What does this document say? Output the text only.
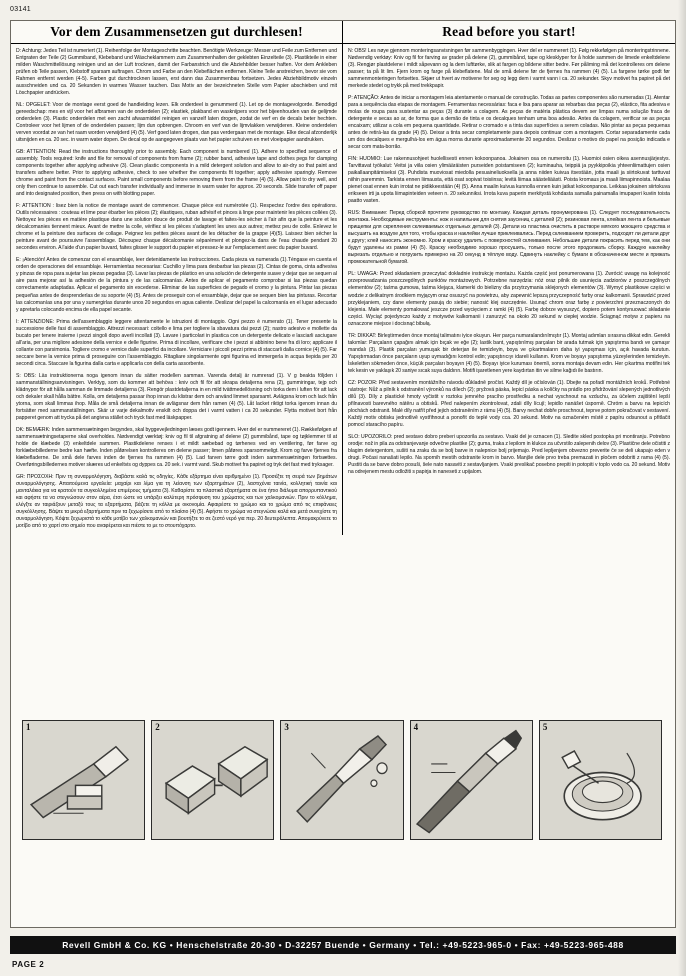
03141
Vor dem Zusammensetzen gut durchlesen!	Read before you start!

D: Achtung: Jedes Teil ist numeriert (1). Reihenfolge der Montageschritte beachten. Benötigte Werkzeuge: Messer und Feile zum Entfernen und Entgraten der Teile (2) Gummiband, Klebeband und Wäscheklammern zum Zusammenhalten der geklebten Einzelteile (3). Plastikteile in einer milden Waschmittellösung reinigen und an der Luft trocknen, damit der Farbanstrich und die Abziehbilder besser haften. Vor dem Ankleben prüfen ob Teile passen, Klebstoff sparsam auftragen. Chrom und Farbe an den Klebeflächen entfernen. Kleine Teile anstreichen, bevor sie vom Rahmen entfernt werden (4-5). Farben gut durchtrocknen lassen, erst dann das Zusammenbau fortsetzen. Jedes Abziehbildmotiv einzeln ausschneiden und ca. 20 Sekunden in warmes Wasser tauchen. Das Motiv an der bezeichneten Stelle vom Papier abschieben und mit Löschpapier andrücken.

NL: OPGELET: Voor de montage eerst goed de handleiding lezen. Elk onderdeel is genummerd (1). Let op de montagevolgorde. Benodigd gereedschap: mes en vijl voor het afbramen van de onderdelen (2); elastiek, plakband en wasknijpers voor het bijeenhouden van de gelijmde onderdelen (3). Plastic onderdelen met een zacht afwasmiddel reinigen en vanzelf laten drogen, zodat de verf en de decals beter hechten. Controleer voor het lijmen of de onderdelen passen; lijm dun opbrengen. Chroom en verf van de lijmvlakken verwijderen. Kleine onderdelen verven voordat ze van het raam worden verwijderd (4) (5). Verf goed laten drogen, dan pas verdergaan met de montage. Elke decal afzonderlijk uitsnijden en ca. 20 sec. in warm water dopen. De decal op de aangegeven plaats van het papier schuiven en met vloeipapier aandrukken.

GB: ATTENTION: Read the instructions thoroughly prior to assembly. Each component is numbered (1). Adhere to specified sequence of assembly. Tools required: knife and file for removal of components from frame (2); rubber band, adhesive tape and clothes pegs for clamping components together after applying adhesive (3). Clean plastic components in a mild detergent solution and allow to air-dry so that paint and transfers adhere better. Prior to applying adhesive, check to see whether the components fit together; apply adhesive sparingly. Remove chrome and paint from the contact surfaces. Paint small components before removing them from the frame (4) (5). Allow paint to dry well, and only then continue to assemble. Cut out each transfer individually and immerse in warm water for approx. 20 seconds. Slide transfer off paper and into designated position, then press on with blotting paper.

F: ATTENTION : lisez bien la notice de montage avant de commencer. Chaque pièce est numérotée (1). Respectez l'ordre des opérations. Outils nécessaires : couteau et lime pour ébarber les pièces (2); élastiques, ruban adhésif et pinces à linge pour maintenir les pièces collées (3). Nettoyez les pièces en matière plastique dans une solution douce de produit de lavage et faites-les sécher à l'air afin que la peinture et les décalcomanies tiennent mieux. Avant de mettre la colle, vérifiez si les pièces s'adaptent les unes aux autres; mettez peu de colle. Enlevez le chrome et la peinture des surfaces de collage. Peignez les petites pièces avant de les détacher de la grappe (4)(5). Laissez bien sécher la peinture avant de poursuivre l'assemblage. Découpez chaque décalcomanie séparément et plongez-la dans de l'eau chaude pendant 20 secondes environ. A l'aide d'un papier buvard, faites glisser le support du papier et pressez-le sur l'emplacement avec du papier buvard.

E: ¡Atención! Antes de comenzar con el ensamblaje, leer detenidamente las instrucciones. Cada pieza va numerada (1).Téngase en cuenta el orden de operaciones del ensamblaje. Herramientas necesarias: Cuchillo y lima para desbarbar las piezas (2). Cintas de goma, cinta adhesiva y pinzas de ropa para sujetar las piezas pegadas (3). Lavar las piezas de plástico en una solución de detergente suave y dejar que se sequen al aire para mejorar así la adhesión de la pintura y de las calcomanías. Antes de aplicar el pegamento comprobar si las piezas quedan correctamente adaptadas. Aplicar el pegamento sin excederse. Eliminar de las superficies de pegado el cromo y la pintura. Pintar las piezas pequeñas antes de desprenderlas de su soporte (4) (5). Antes de proseguir con el ensamblaje, dejar que se sequen bien las pinturas. Recortar las calcomanías una por una y sumergirlas durante unos 20 segundos en agua caliente. Deslizar del papel la calcomanía en el lugar adecuado y apretarla colocando encima de ella papel secante.

I: ATTENZIONE: Prima dell'assemblaggio leggere attentamente le istruzioni di montaggio. Ogni pezzo è numerato (1). Tener presente la successione delle fasi di assemblaggio. Attrezzi necessari: coltello e lima per togliere la sbavatura dai pezzi (2); nastro adesivo e mollette da bucato per tenere insieme i pezzi singoli dopo averli incollati (3). Lavare i particolari in plastica con un detergente delicato e lasciarli asciugare all'aria, per una migliore adesione della vernice e delle figurine. Prima di incollare, verificare che i pezzi si abbinino bene fra di loro; applicare il collante con parsimonia. Togliere cromo e vernice dalle superfici da incollare. Verniciare i piccoli pezzi prima di staccarli dalla cornice (4) (5). Far seccare bene la vernice prima di proseguire con l'assemblaggio. Ritagliare singolarmente ogni figurina ed immergerla in acqua tiepida per 20 secondi circa. Staccare la figurina dalla carta e applicarla con della carta assorbente.

S: OBS: Läs instruktionerna noga igenom innan du sätter modellen samman. Varenda detalj är numrerad (1). V g beakta följden i sammanställningsanvisningen. Verktyg, som du kommer att behöva : kniv och fil för att skrapa detaljerna rena (2), gummiringar, tejp och klädnypor för att hålla samman de limmade detaljerna (3). Rengör plastdetaljerna in en mild tvättmedellösning och torka dem i luften för att lack och dekaler skall hålla bättre. Kolla, om detaljerna passar ihop innan du klistrar dem och använd limmet sparsamt. Avlägsna krom och lack från ytorna, som skall limmas ihop. Måla de små detaljerna innan de avlägsnar dem från ramen (4) (5). Låt lacket riktigt torka igenom innan du fortsätter med sammanställningen. Skär ur varje dekalmotiv enskilt och doppa det i varmt vatten i ca 20 sekunder. Flytta motivet bort från papperet genom att trycka på det angivna stället och tryck fast med läskpapper.

DK: BEMÆRK: Inden sammensætningen begyndes, skal byggevejledningen læses godt igennem. Hver del er nummereret (1). Rækkefølgen af sammensætningsetaperne skal overholdes. Nødvendigt værktøj: kniv og fil til afgratning af delene (2) gummibånd, tape og tøjklemmer til at holde de klæbede (3) enkeltdele sammen. Plastikdelene renses i et mildt sæbebad og tørhenes ved en ventilering, før farve og forklæbebillederne bedre kan hæfte. Inden påførelsen kontrolleres om delene passer; limen påføres sparsommeligt. Krom og farve fjernes fra klæbefladerne. De små dele farves inden de fjernes fra rammen (4) (5). Lad farven tørre godt inden sammensætningen fortsættes. Overføringsbilledernes motiver skæres ud enkeltvis og dyppes ca. 20 sek. i varmt vand. Skub motivet fra papiret og tryk det fast med tryksager.

GR: ΠΡΟΣΟΧΗ: Πριν τη συναρμολόγηση, διαβάστε καλά τις οδηγίες. Κάθε εξάρτημα είναι αριθμημένο (1). Προσέξτε τη σειρά των βημάτων συναρμολόγησης. Απαιτούμενα εργαλεία: μαχαίρι και λίμα για τη λείανση των εξαρτημάτων (2), λαστιχένια ταινία, κολλητική ταινία και μανταλάκια για να κρατούν τα συγκολλημένα επιμέρους τμήματα (3). Καθαρίστε τα πλαστικά εξαρτήματα σε ένα ήπιο διάλυμα απορρυπαντικού και αφήστε τα να στεγνώσουν στον αέρα, έτσι ώστε να υπάρξει καλύτερη πρόσφυση του χρώματος και των χαλκομανιών. Πριν το κόλλημα, ελέγξτε αν ταιριάζουν μεταξύ τους τα εξαρτήματα, βάζετε τη κόλλα με οικονομία. Αφαιρέστε το χρώμιο και το χρώμα από τις επιφάνειες συγκόλλησης. Βάψτε τα μικρά εξαρτήματα πριν τα ξεχωρίσετε από το πλαίσιο (4) (5). Αφήστε το χρώμα να στεγνώσει καλά και μετά συνεχίστε τη συναρμολόγηση. Κόψτε ξεχωριστά το κάθε μοτίβο των χαλκομανιών και βουτήξτε το σε ζεστό νερό για περ. 20 δευτερόλεπτα. Απομακρύνετε το μοτίβο από το χαρτί στο σημείο που αναφέρεται και πιέστε το με το στουπόχαρτο.

N: OBS! Les nøye gjennom monteringsanvisningen før sammenbyggingen. Hver del er nummerert (1). Følg rekkefølgen på monteringstrinnene. Nødvendig verktøy: Kniv og fil for farving av grader på delene (2), gummibånd, tape og klesklyper for å holde sammen de limede enkeltdelene (3). Rengjør plastdelene i mildt såpevann og la dem lufttørke, slik at fargen og bildene sitter bedre. Før påliming må det kontrolleres om delene passer; ta på lit lim. Fjern krom og farge på klebeflatene. Mal de små delene før de fjernes fra rammen (4) (5). La fargene tørke godt før sammenmonteringen fortsettes. Skjær ut hvert av motivene for seg og legg dem i varmt vann i ca. 20 sekunder. Skyv motivet fra papiret på det merkede stedet og trykk på med trekkpapir.

P: ATENÇÃO: Antes de iniciar a montagem leia atentamente o manual de construção. Todas as partes componentes são numeradas (1). Atentar para a sequência das etapas de montagem. Ferramentas necessárias: faca e lixa para aparar as rebarbas das peças (2), elástico, fita adesiva e molas de roupa para sustentar as peças (3) durante a colagem. As peças de matéria plástica devem ser limpas numa solução fraca de detergente e secas ao ar, de forma que a demão de tinta e os decalques tenham uma boa adesão. Antes da colagem, verificar se as peças encaixam; utilizar a cola em pequena quantidade. Retirar o cromado e a tinta das superfícies a serem coladas. Não pintar as peças pequenas antes de retirá-las da grade (4) (5). Deixar a tinta secar completamente para depois continuar com a montagem. Cortar separadamente cada um dos decalques e mergulhá-los em água morna durante aproximadamente 20 segundos. Deslizar o motivo do papel na posição indicada e secar com mata-borrão.

FIN: HUOMIO: Lue rakennusohjeet huolellisesti ennen kokoonpanoa. Jokainen osa on numeroitu (1). Huomioi osien oikea asennusjärjestys. Tarvittavat työkalut: Veitsi ja viila osien ylimääräisten purseiden poistamiseen (2); kuminauha, teippiä ja pyykkipoikia yhteenliimattujen osien paikallaanpitämiseksi (3). Puhdista muoviosat miedolla pesuaineliuoksella ja anna niiden kuivua itsestään, jotta maali ja siirtokuvat tarttuvat niihin paremmin. Tarkista ennen liimausta, että osat sopivat toisiinsa; levitä liimaa säästeliäästi. Poista kromaus ja maali liimapinnoista. Maalaa pienet osat ennen kuin irrotat ne pidikkeestään (4) (5). Anna maalin kuivua kunnolla ennen kuin jatkat kokoonpanoa. Leikkaa jokainen siirtokuva erikseen irti ja upota liimapinteiden veteen n. 20 sekunniksi. Irrota kuva paperin merkitystä kohdasta samalla painamalla imupaperi kuviin toista paatto vasten.

RUS: Внимание: Перед сборкой прочтите руководство по монтажу. Каждая деталь пронумерована (1). Следует последовательность монтажа. Необходимые инструменты: нож и напильник для снятия заусениц с деталей (2); резиновая лента, клейкая лента и бельевые прищепки для скрепления склеиваемых отдельных деталей (3). Детали из пластика очистить в растворе мягкого моющего средства и высушить на воздухе для того, чтобы краска и наклейки лучше приклеивались. Перед склеиванием проверить, подходят ли детали друг к другу; клей наносить экономно. Хром и краску удалить с поверхностей склеивания. Небольшие детали покрасить перед тем, как они будут удалены из рамки (4) (5). Краску необходимо хорошо просушить, только после этого продолжать сборку. Каждую наклейку вырезать отдельно и погрузить примерно на 20 секунд в тёплую воду. Сдвинуть наклейку с бумаги в обозначенном месте и прижать промокательной бумагой.

PL: UWAGA: Przed składaniem przeczytać dokładnie instrukcję montażu. Każda część jest ponumerowana (1). Zwrócić uwagę na kolejność przeprowadzania poszczególnych punktów montażowych. Potrzebne narzędzia: nóż oraz pilnik do usunięcia zadziorów z poszczególnych elementów (2); taśma gumowa, taśma klejąca, klamerki do bielizny dla przytrzymania sklejonych elementów (3). Wymyć plastikowe części w wodzie z delikatnym środkiem myjącym oraz osuszyć na powietrzu, aby zapewnić lepszą przyczepność farby oraz kalkomanii. Sprawdzić przed przyklejaniem, czy dane elementy pasują do siebie; nanosić klej oszczędnie. Usunąć chrom oraz farbę z powierzchni przeznaczonych do klejenia. Małe elementy pomalować jeszcze przed wycięciem z ramki (4) (5). Farbę dobrze wysuszyć, dopiero potem kontynuować składanie części. Wyciąć pojedynczo każdy z motywów kalkomanii i zanurzyć na około 20 sekund w ciepłej wodzie. Ściągnąć motyw z papieru na oznaczone miejsce i docisnąć bibułą.

TR: DIKKAT: Birleştirmeden önce montaj talimatını iyice okuyun. Her parça numaralandırılmıştır (1). Montaj adımları sırasına dikkat edin. Gerekli takımlar: Parçaların çapağını almak için bıçak ve eğe (2); lastik bant, yapıştırılmış parçaları bir arada tutmak için yapıştırma bandı ve çamaşır mandalı (3). Plastik parçaları yumuşak bir deterjan ile temizleyin, boya ve çıkartmaların daha iyi yapışması için, açık havada kurutun. Yapıştırmadan önce parçaların uyup uymadığını kontrol edin; yapıştırıcıyı idareli kullanın. Krom ve boyayı yapıştırma yüzeylerinden temizleyin. İskeletten sökmeden önce, küçük parçaları boyayın (4) (5). Boyayı iyice kuruması önemli, sonra montaja devam edin. Her çıkartma motifini tek tek kesin ve yaklaşık 20 saniye sıcak suya daldırın. Motifi işaretlenen yere kaydırtan itin ve silme kağıdı ile bastırın.

CZ: POZOR: Před sestavením montážního návodu důkladně pročíst. Každý díl je očíslován (1). Dbejte na pořadí montážních kroků. Potřebné nástroje: Nůž a pilník k odstranění výronků na dílech (2); pryžová páska, lepicí páska a kolíčky na prádlo pro přidržování slepených jednotlivých dílů (3). Díly z plastické hmoty vyčistit v roztoku jemného pracího prostředku a nechat vyschnout na vzduchu, za účelem zajištění lepší přilnavosti barevného nátěru a obtisků. Před nalepením zkontrolovat, zdali díly lícují; lepidlo nanášet úsporně. Chróm a barvu na lepicích plochách odstranit. Malé díly natřít před jejich odstraněním z rámu (4) (5). Barvy nechat dobře proschnout, teprve potom pokračovat v sestavení. Každý motiv obtisku jednotlivě vystřihnout a ponořit do teplé vody cca. 20 sekund. Motiv na označeném místě z papíru odsunout a přitlačit pomocí staracího papíru.

SLO: UPOZORILO: pred sestavo dobro preberi upozorila za sestavo. Vsaki del je oznacen (1). Sledite skled postopka pri montiranju. Potrebno orodje: nož in pila za odstranjevanje odvečne plastike (2); guma, traka z lepilom in klukce za učvrstilo zalepenih delov (3). Plastične dele očistiti z blagim detergentom, sušiti na zraku da se bolj barve in nalepnice bolj prijemajo. Pred lepljenjem obvezno preverite če se deli ukapajo eden v drugi. Počasi nanašati lepilo. Na spornih mestih odstranite krom in barvo. Manjše dele prvo treba premazati in pločem odobriti z rama (4) (5). Pustiti da se barve dobro posuši, šele nato nasaviti z sestavljanjem. Vsaki preslikač posebno prepiti in potopiti v toplo vodo ca. 20 sekund. Motiv na odrejenem mestu odložiti s papirja in naneseti z upijalom.

1	2	3	4	5
Revell GmbH & Co. KG • Henschelstraße 20-30 • D-32257 Buende • Germany • Tel.: +49-5223-965-0 • Fax: +49-5223-965-488
PAGE 2
